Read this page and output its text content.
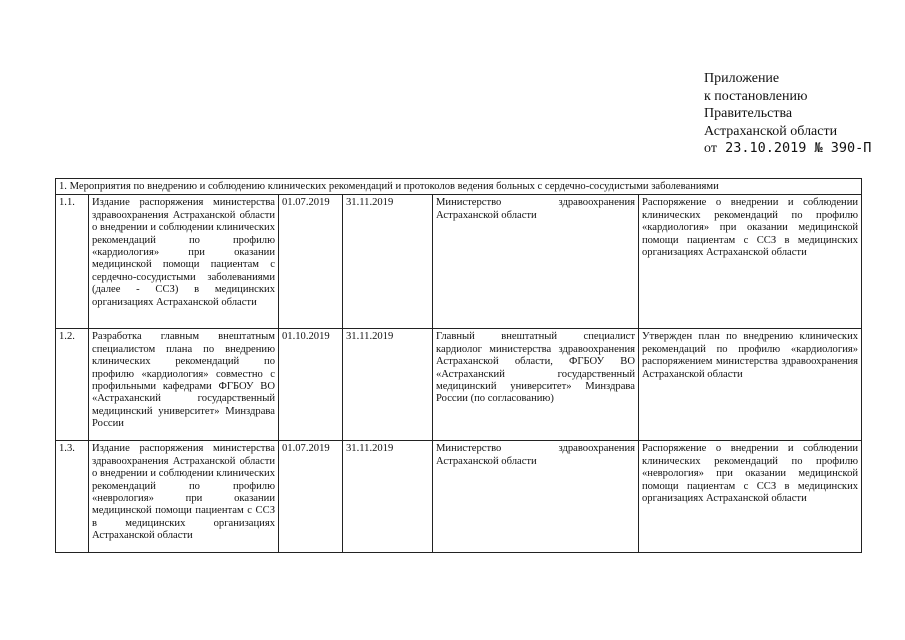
Приложение
к постановлению
Правительства
Астраханской области
от 23.10.2019 № 390-П
1. Мероприятия по внедрению и соблюдению клинических рекомендаций и протоколов ведения больных с сердечно-сосудистыми заболеваниями					
1.1.	Издание распоряжения министерства здравоохранения Астраханской области о внедрении и соблюдении клинических рекомендаций по профилю «кардиология» при оказании медицинской помощи пациентам с сердечно-сосудистыми заболеваниями (далее - ССЗ) в медицинских организациях Астраханской области	01.07.2019	31.11.2019	Министерство здравоохранения Астраханской области	Распоряжение о внедрении и соблюдении клинических рекомендаций по профилю «кардиология» при оказании медицинской помощи пациентам с ССЗ в медицинских организациях Астраханской области
1.2.	Разработка главным внештатным специалистом плана по внедрению клинических рекомендаций по профилю «кардиология» совместно с профильными кафедрами ФГБОУ ВО «Астраханский государственный медицинский университет» Минздрава России	01.10.2019	31.11.2019	Главный внештатный специалист кардиолог министерства здравоохранения Астраханской области, ФГБОУ ВО «Астраханский государственный медицинский университет» Минздрава России (по согласованию)	Утвержден план по внедрению клинических рекомендаций по профилю «кардиология» распоряжением министерства здравоохранения Астраханской области
1.3.	Издание распоряжения министерства здравоохранения Астраханской области о внедрении и соблюдении клинических рекомендаций по профилю «неврология» при оказании медицинской помощи пациентам с ССЗ в медицинских организациях Астраханской области	01.07.2019	31.11.2019	Министерство здравоохранения Астраханской области	Распоряжение о внедрении и соблюдении клинических рекомендаций по профилю «неврология» при оказании медицинской помощи пациентам с ССЗ в медицинских организациях Астраханской области
